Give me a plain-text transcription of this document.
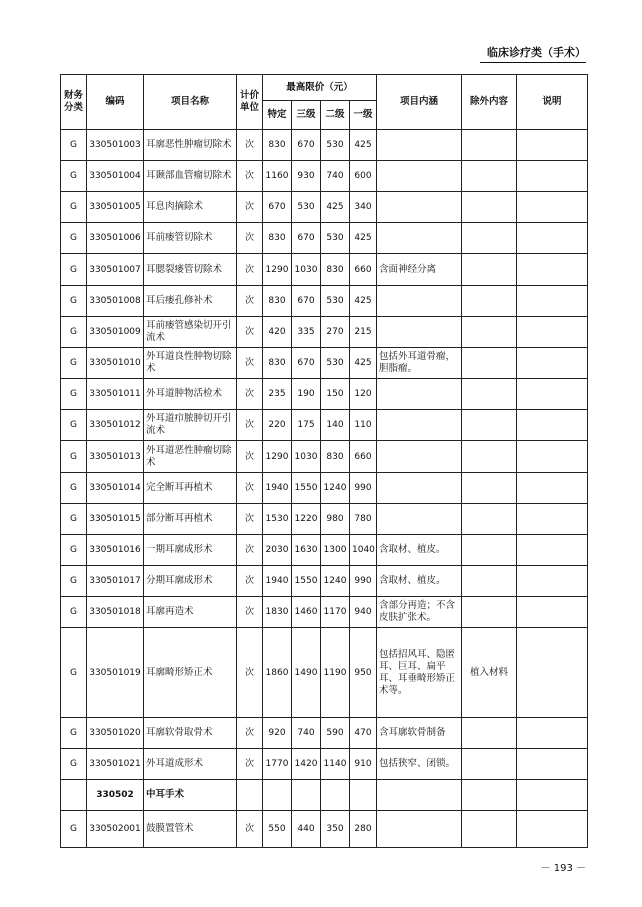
临床诊疗类（手术）
财务分类	编码	项目名称	计价单位	最高限价（元）				项目内涵	除外内容	说明
				特定	三级	二级	一级			
G	330501003	耳廓恶性肿瘤切除术	次	830	670	530	425			
G	330501004	耳颞部血管瘤切除术	次	1160	930	740	600			
G	330501005	耳息肉摘除术	次	670	530	425	340			
G	330501006	耳前瘘管切除术	次	830	670	530	425			
G	330501007	耳腮裂瘘管切除术	次	1290	1030	830	660	含面神经分离		
G	330501008	耳后瘘孔修补术	次	830	670	530	425			
G	330501009	耳前瘘管感染切开引流术	次	420	335	270	215			
G	330501010	外耳道良性肿物切除术	次	830	670	530	425	包括外耳道骨瘤，胆脂瘤。		
G	330501011	外耳道肿物活检术	次	235	190	150	120			
G	330501012	外耳道疖脓肿切开引流术	次	220	175	140	110			
G	330501013	外耳道恶性肿瘤切除术	次	1290	1030	830	660			
G	330501014	完全断耳再植术	次	1940	1550	1240	990			
G	330501015	部分断耳再植术	次	1530	1220	980	780			
G	330501016	一期耳廓成形术	次	2030	1630	1300	1040	含取材、植皮。		
G	330501017	分期耳廓成形术	次	1940	1550	1240	990	含取材、植皮。		
G	330501018	耳廓再造术	次	1830	1460	1170	940	含部分再造；不含皮肤扩张术。		
G	330501019	耳廓畸形矫正术	次	1860	1490	1190	950	包括招风耳、隐匿耳、巨耳、扁平耳、耳垂畸形矫正术等。	植入材料	
G	330501020	耳廓软骨取骨术	次	920	740	590	470	含耳廓软骨制备		
G	330501021	外耳道成形术	次	1770	1420	1140	910	包括狭窄、闭锁。		
	330502	中耳手术								
G	330502001	鼓膜置管术	次	550	440	350	280			
－ 193 －
